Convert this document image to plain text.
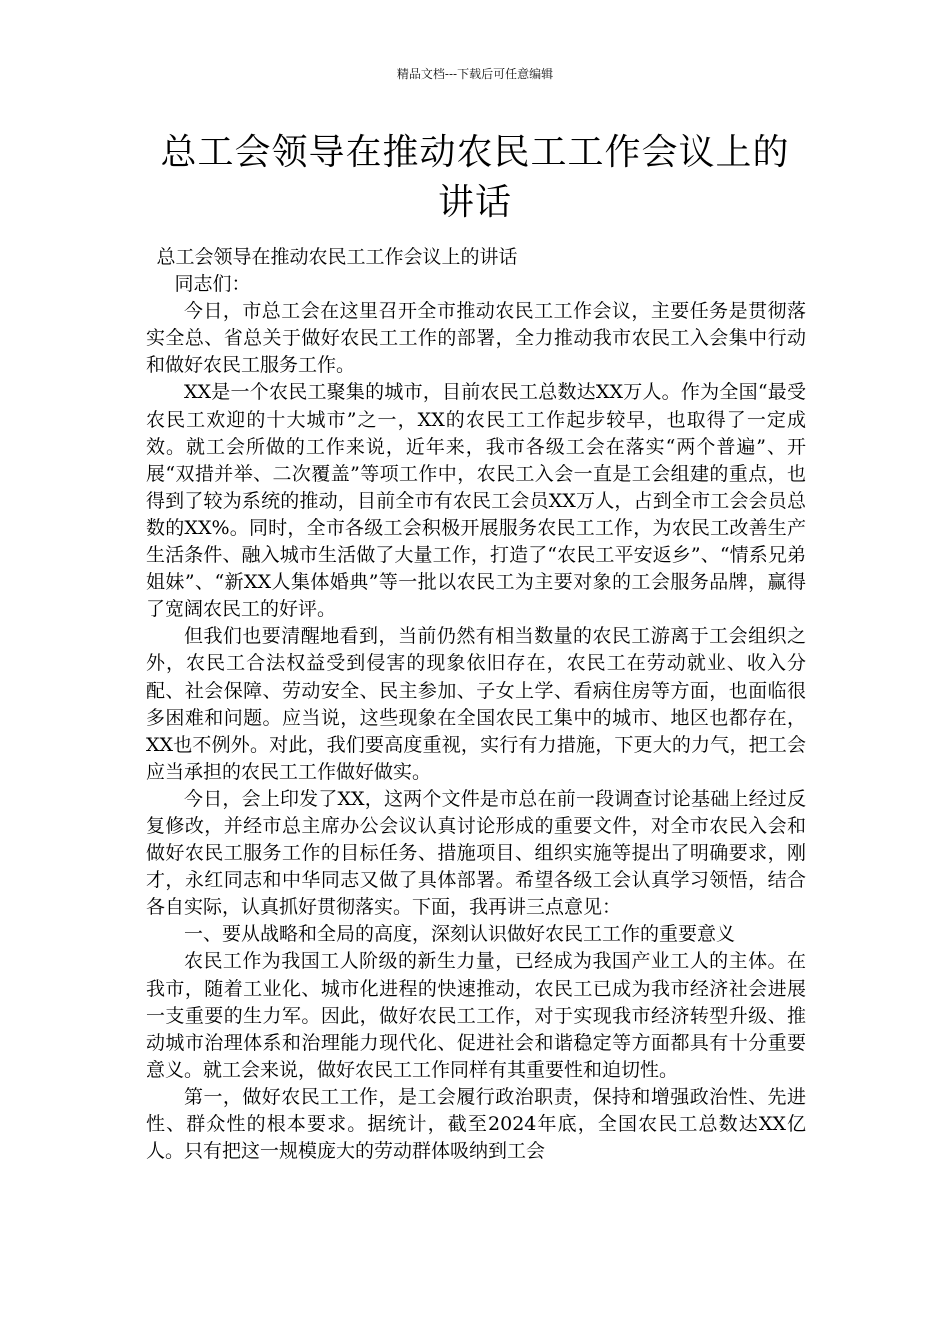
精品文档---下载后可任意编辑
总工会领导在推动农民工工作会议上的讲话

总工会领导在推动农民工工作会议上的讲话

同志们：

今日，市总工会在这里召开全市推动农民工工作会议，主要任务是贯彻落实全总、省总关于做好农民工工作的部署，全力推动我市农民工入会集中行动和做好农民工服务工作。

XX是一个农民工聚集的城市，目前农民工总数达XX万人。作为全国“最受农民工欢迎的十大城市”之一，XX的农民工工作起步较早，也取得了一定成效。就工会所做的工作来说，近年来，我市各级工会在落实“两个普遍”、开展“双措并举、二次覆盖”等项工作中，农民工入会一直是工会组建的重点，也得到了较为系统的推动，目前全市有农民工会员XX万人，占到全市工会会员总数的XX%。同时，全市各级工会积极开展服务农民工工作，为农民工改善生产生活条件、融入城市生活做了大量工作，打造了“农民工平安返乡”、“情系兄弟姐妹”、“新XX人集体婚典”等一批以农民工为主要对象的工会服务品牌，赢得了宽阔农民工的好评。

但我们也要清醒地看到，当前仍然有相当数量的农民工游离于工会组织之外，农民工合法权益受到侵害的现象依旧存在，农民工在劳动就业、收入分配、社会保障、劳动安全、民主参加、子女上学、看病住房等方面，也面临很多困难和问题。应当说，这些现象在全国农民工集中的城市、地区也都存在，XX也不例外。对此，我们要高度重视，实行有力措施，下更大的力气，把工会应当承担的农民工工作做好做实。

今日，会上印发了XX，这两个文件是市总在前一段调查讨论基础上经过反复修改，并经市总主席办公会议认真讨论形成的重要文件，对全市农民入会和做好农民工服务工作的目标任务、措施项目、组织实施等提出了明确要求，刚才，永红同志和中华同志又做了具体部署。希望各级工会认真学习领悟，结合各自实际，认真抓好贯彻落实。下面，我再讲三点意见：

一、要从战略和全局的高度，深刻认识做好农民工工作的重要意义

农民工作为我国工人阶级的新生力量，已经成为我国产业工人的主体。在我市，随着工业化、城市化进程的快速推动，农民工已成为我市经济社会进展一支重要的生力军。因此，做好农民工工作，对于实现我市经济转型升级、推动城市治理体系和治理能力现代化、促进社会和谐稳定等方面都具有十分重要意义。就工会来说，做好农民工工作同样有其重要性和迫切性。

第一，做好农民工工作，是工会履行政治职责，保持和增强政治性、先进性、群众性的根本要求。据统计，截至2024年底，全国农民工总数达XX亿人。只有把这一规模庞大的劳动群体吸纳到工会
